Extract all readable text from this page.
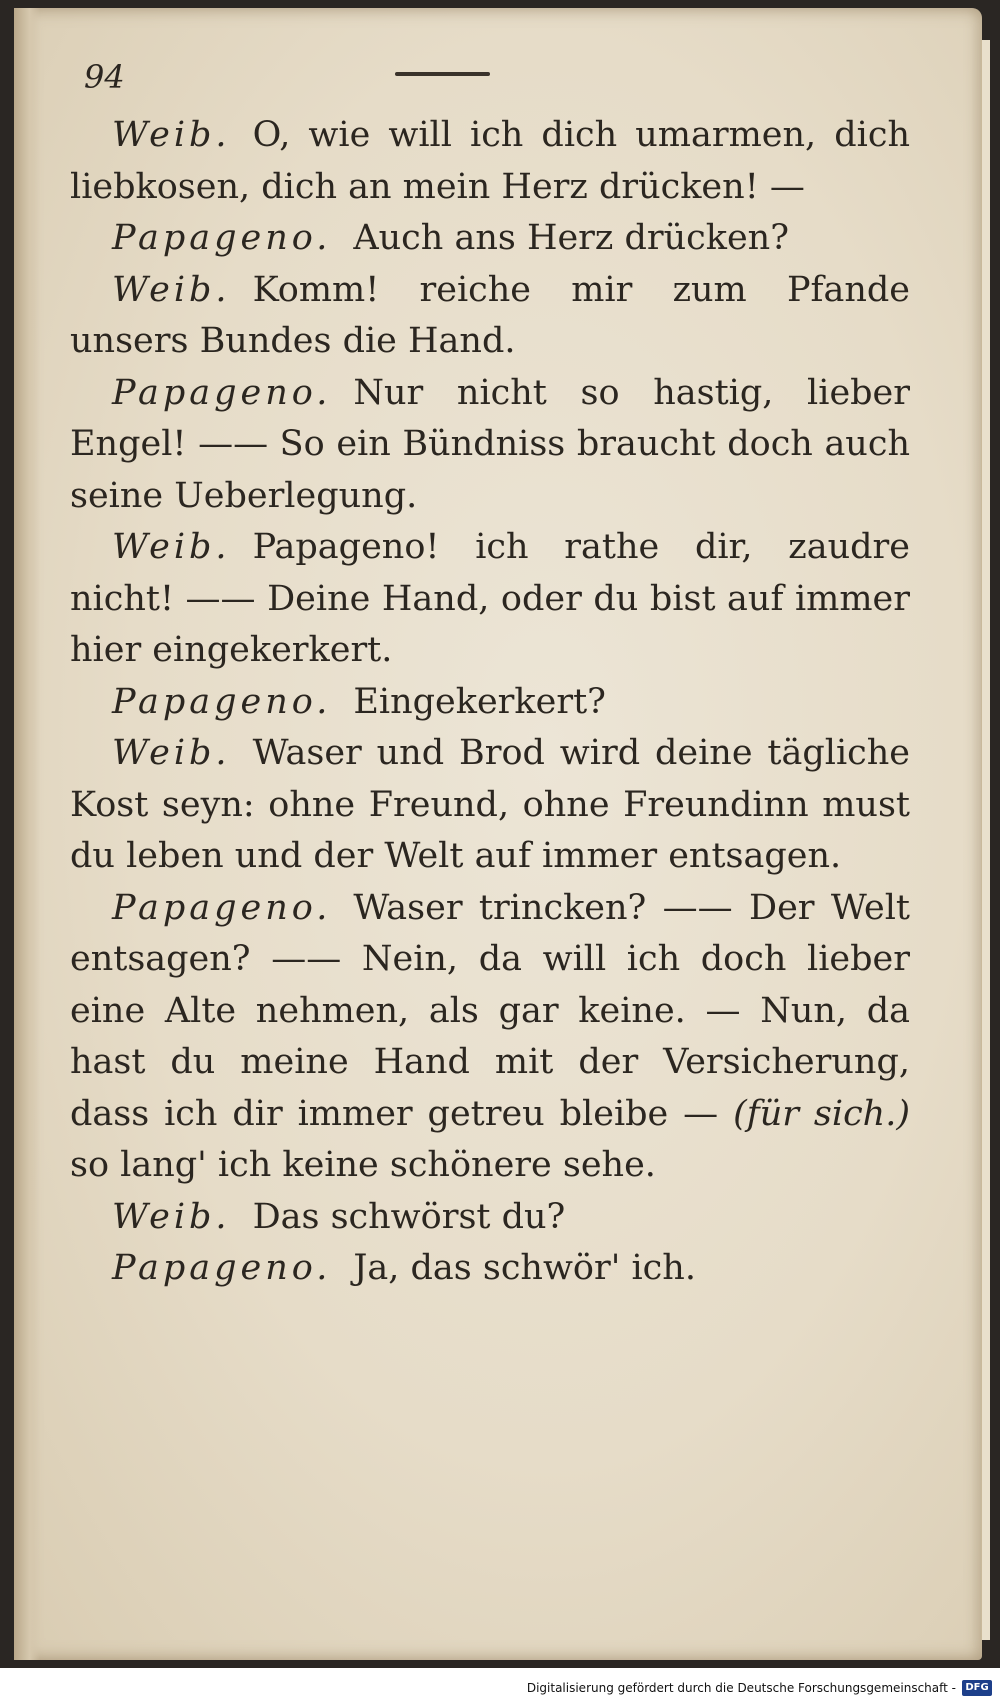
94

Weib. O, wie will ich dich umarmen, dich liebkosen, dich an mein Herz drücken! —

Papageno. Auch ans Herz drücken?

Weib. Komm! reiche mir zum Pfande unsers Bundes die Hand.

Papageno. Nur nicht so hastig, lieber Engel! —— So ein Bündniss braucht doch auch seine Ueberlegung.

Weib. Papageno! ich rathe dir, zaudre nicht! —— Deine Hand, oder du bist auf immer hier eingekerkert.

Papageno. Eingekerkert?

Weib. Waser und Brod wird deine tägliche Kost seyn: ohne Freund, ohne Freundinn must du leben und der Welt auf immer entsagen.

Papageno. Waser trincken? —— Der Welt entsagen? —— Nein, da will ich doch lieber eine Alte nehmen, als gar keine. — Nun, da hast du meine Hand mit der Versicherung, dass ich dir immer getreu bleibe — (für sich.) so lang' ich keine schönere sehe.

Weib. Das schwörst du?

Papageno. Ja, das schwör' ich.

Digitalisierung gefördert durch die Deutsche Forschungsgemeinschaft - DFG
